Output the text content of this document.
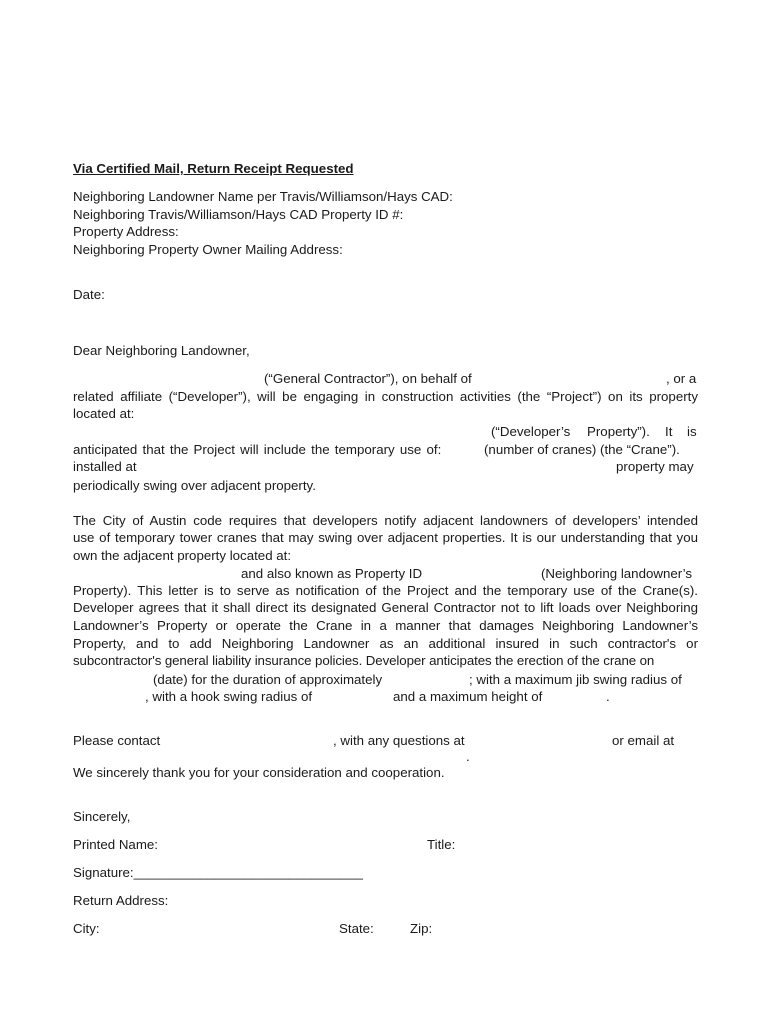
Via Certified Mail, Return Receipt Requested
Neighboring Landowner Name per Travis/Williamson/Hays CAD:
Neighboring Travis/Williamson/Hays CAD Property ID #:
Property Address:
Neighboring Property Owner Mailing Address:
Date:
Dear Neighboring Landowner,
(“General Contractor”), on behalf of	, or a
related affiliate (“Developer”), will be engaging in construction activities (the “Project”) on its property
located at:
(“Developer’s Property”). It is
anticipated that the Project will include the temporary use of:	(number of cranes) (the “Crane”).
installed at	property may
periodically swing over adjacent property.
The City of Austin code requires that developers notify adjacent landowners of developers’ intended
use of temporary tower cranes that may swing over adjacent properties. It is our understanding that you
own the adjacent property located at:
and also known as Property ID	(Neighboring landowner’s
Property). This letter is to serve as notification of the Project and the temporary use of the Crane(s).
Developer agrees that it shall direct its designated General Contractor not to lift loads over Neighboring
Landowner’s Property or operate the Crane in a manner that damages Neighboring Landowner’s
Property, and to add Neighboring Landowner as an additional insured in such contractor's or
subcontractor's general liability insurance policies. Developer anticipates the erection of the crane on
(date) for the duration of approximately	; with a maximum jib swing radius of
, with a hook swing radius of	and a maximum height of	.
Please contact	, with any questions at	or email at
.
We sincerely thank you for your consideration and cooperation.
Sincerely,
Printed Name:	Title:
Signature:_______________________________
Return Address:
City:	State:	Zip:
